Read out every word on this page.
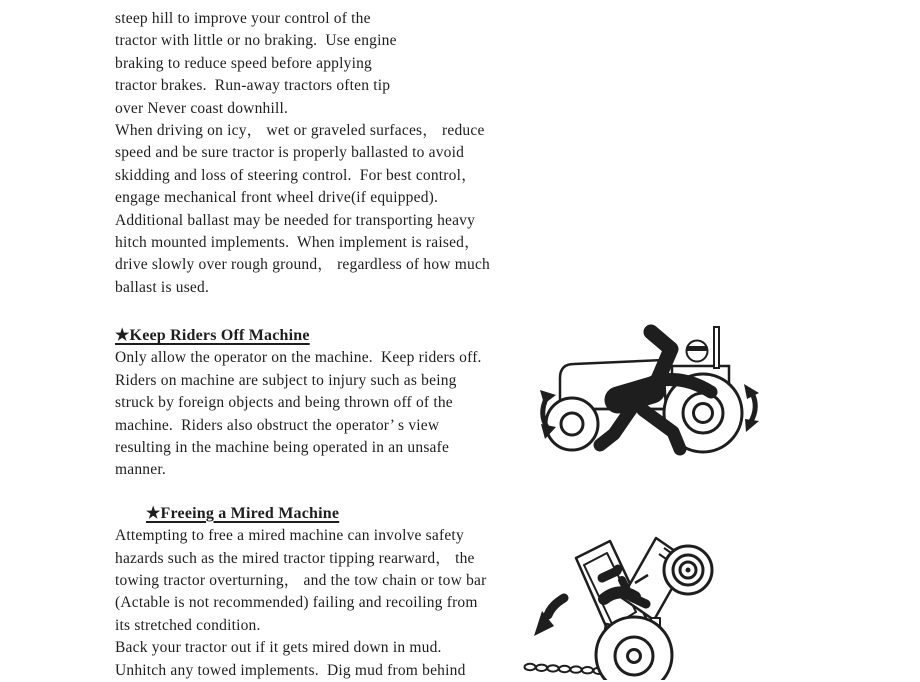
steep hill to improve your control of the
tractor with little or no braking.  Use engine
braking to reduce speed before applying
tractor brakes.  Run-away tractors often tip
over Never coast downhill.
When driving on icy， wet or graveled surfaces， reduce
speed and be sure tractor is properly ballasted to avoid
skidding and loss of steering control.  For best control，
engage mechanical front wheel drive(if equipped).
Additional ballast may be needed for transporting heavy
hitch mounted implements.  When implement is raised，
drive slowly over rough ground， regardless of how much
ballast is used.
★Keep Riders Off Machine
Only allow the operator on the machine.  Keep riders off.
Riders on machine are subject to injury such as being
struck by foreign objects and being thrown off of the
machine.  Riders also obstruct the operator’ s view
resulting in the machine being operated in an unsafe
manner.
★Freeing a Mired Machine
Attempting to free a mired machine can involve safety
hazards such as the mired tractor tipping rearward， the
towing tractor overturning， and the tow chain or tow bar
(Actable is not recommended) failing and recoiling from
its stretched condition.
Back your tractor out if it gets mired down in mud.
Unhitch any towed implements.  Dig mud from behind
